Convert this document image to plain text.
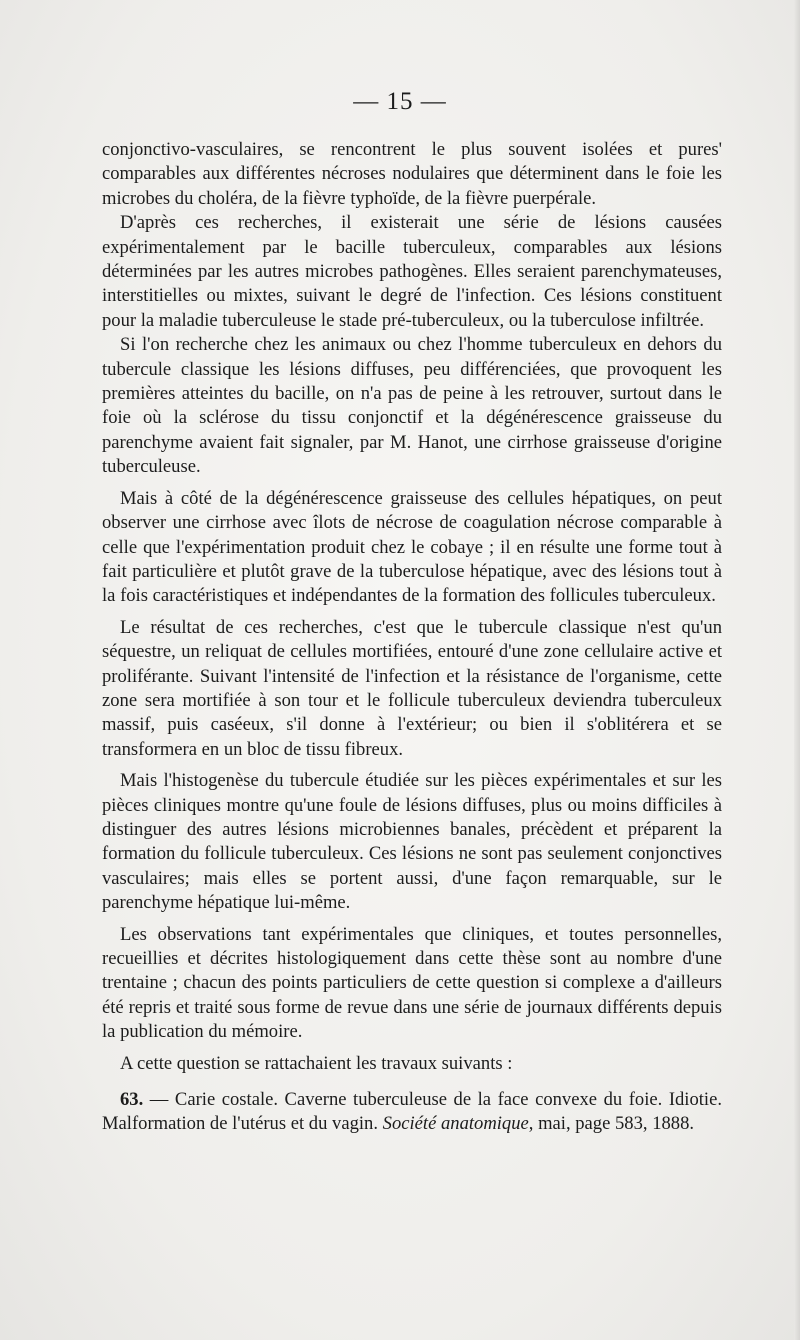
— 15 —

conjonctivo-vasculaires, se rencontrent le plus souvent isolées et pures' comparables aux différentes nécroses nodulaires que déterminent dans le foie les microbes du choléra, de la fièvre typhoïde, de la fièvre puerpérale.

D'après ces recherches, il existerait une série de lésions causées expérimentalement par le bacille tuberculeux, comparables aux lésions déterminées par les autres microbes pathogènes. Elles seraient parenchymateuses, interstitielles ou mixtes, suivant le degré de l'infection. Ces lésions constituent pour la maladie tuberculeuse le stade pré-tuberculeux, ou la tuberculose infiltrée.

Si l'on recherche chez les animaux ou chez l'homme tuberculeux en dehors du tubercule classique les lésions diffuses, peu différenciées, que provoquent les premières atteintes du bacille, on n'a pas de peine à les retrouver, surtout dans le foie où la sclérose du tissu conjonctif et la dégénérescence graisseuse du parenchyme avaient fait signaler, par M. Hanot, une cirrhose graisseuse d'origine tuberculeuse.

Mais à côté de la dégénérescence graisseuse des cellules hépatiques, on peut observer une cirrhose avec îlots de nécrose de coagulation nécrose comparable à celle que l'expérimentation produit chez le cobaye ; il en résulte une forme tout à fait particulière et plutôt grave de la tuberculose hépatique, avec des lésions tout à la fois caractéristiques et indépendantes de la formation des follicules tuberculeux.

Le résultat de ces recherches, c'est que le tubercule classique n'est qu'un séquestre, un reliquat de cellules mortifiées, entouré d'une zone cellulaire active et proliférante. Suivant l'intensité de l'infection et la résistance de l'organisme, cette zone sera mortifiée à son tour et le follicule tuberculeux deviendra tuberculeux massif, puis caséeux, s'il donne à l'extérieur; ou bien il s'oblitérera et se transformera en un bloc de tissu fibreux.

Mais l'histogenèse du tubercule étudiée sur les pièces expérimentales et sur les pièces cliniques montre qu'une foule de lésions diffuses, plus ou moins difficiles à distinguer des autres lésions microbiennes banales, précèdent et préparent la formation du follicule tuberculeux. Ces lésions ne sont pas seulement conjonctives vasculaires; mais elles se portent aussi, d'une façon remarquable, sur le parenchyme hépatique lui-même.

Les observations tant expérimentales que cliniques, et toutes personnelles, recueillies et décrites histologiquement dans cette thèse sont au nombre d'une trentaine ; chacun des points particuliers de cette question si complexe a d'ailleurs été repris et traité sous forme de revue dans une série de journaux différents depuis la publication du mémoire.

A cette question se rattachaient les travaux suivants :

63. — Carie costale. Caverne tuberculeuse de la face convexe du foie. Idiotie. Malformation de l'utérus et du vagin. Société anatomique, mai, page 583, 1888.
